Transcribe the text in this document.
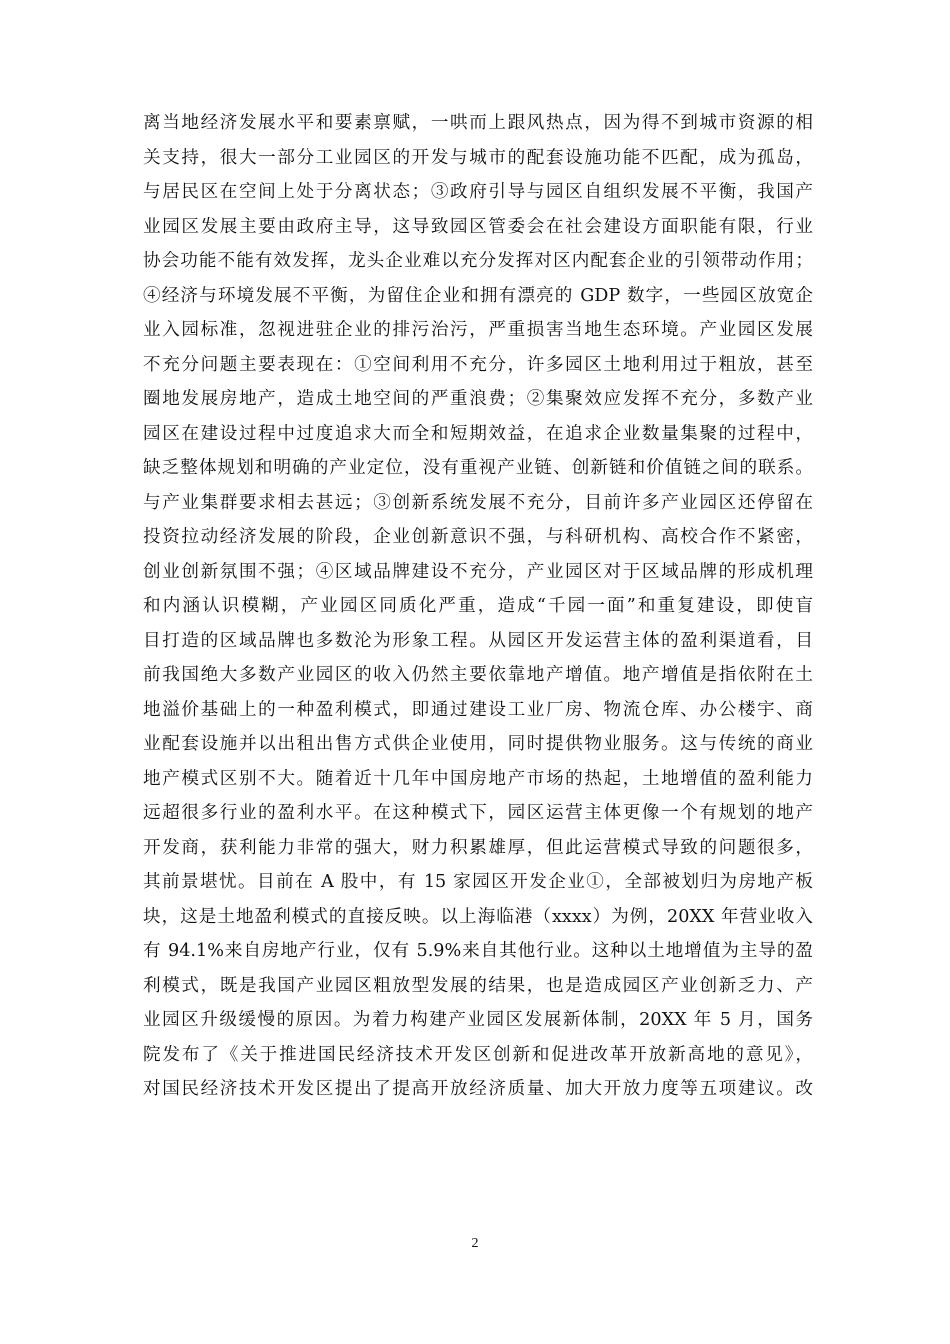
离当地经济发展水平和要素禀赋，一哄而上跟风热点，因为得不到城市资源的相
关支持，很大一部分工业园区的开发与城市的配套设施功能不匹配，成为孤岛，
与居民区在空间上处于分离状态；③政府引导与园区自组织发展不平衡，我国产
业园区发展主要由政府主导，这导致园区管委会在社会建设方面职能有限，行业
协会功能不能有效发挥，龙头企业难以充分发挥对区内配套企业的引领带动作用；
④经济与环境发展不平衡，为留住企业和拥有漂亮的 GDP 数字，一些园区放宽企
业入园标准，忽视进驻企业的排污治污，严重损害当地生态环境。产业园区发展
不充分问题主要表现在：①空间利用不充分，许多园区土地利用过于粗放，甚至
圈地发展房地产，造成土地空间的严重浪费；②集聚效应发挥不充分，多数产业
园区在建设过程中过度追求大而全和短期效益，在追求企业数量集聚的过程中，
缺乏整体规划和明确的产业定位，没有重视产业链、创新链和价值链之间的联系。
与产业集群要求相去甚远；③创新系统发展不充分，目前许多产业园区还停留在
投资拉动经济发展的阶段，企业创新意识不强，与科研机构、高校合作不紧密，
创业创新氛围不强；④区域品牌建设不充分，产业园区对于区域品牌的形成机理
和内涵认识模糊，产业园区同质化严重，造成“千园一面”和重复建设，即使盲
目打造的区域品牌也多数沦为形象工程。从园区开发运营主体的盈利渠道看，目
前我国绝大多数产业园区的收入仍然主要依靠地产增值。地产增值是指依附在土
地溢价基础上的一种盈利模式，即通过建设工业厂房、物流仓库、办公楼宇、商
业配套设施并以出租出售方式供企业使用，同时提供物业服务。这与传统的商业
地产模式区别不大。随着近十几年中国房地产市场的热起，土地增值的盈利能力
远超很多行业的盈利水平。在这种模式下，园区运营主体更像一个有规划的地产
开发商，获利能力非常的强大，财力积累雄厚，但此运营模式导致的问题很多，
其前景堪忧。目前在 A 股中，有 15 家园区开发企业①，全部被划归为房地产板
块，这是土地盈利模式的直接反映。以上海临港（xxxx）为例，20XX 年营业收入
有 94.1%来自房地产行业，仅有 5.9%来自其他行业。这种以土地增值为主导的盈
利模式，既是我国产业园区粗放型发展的结果，也是造成园区产业创新乏力、产
业园区升级缓慢的原因。为着力构建产业园区发展新体制，20XX 年 5 月，国务
院发布了《关于推进国民经济技术开发区创新和促进改革开放新高地的意见》，
对国民经济技术开发区提出了提高开放经济质量、加大开放力度等五项建议。改
2
